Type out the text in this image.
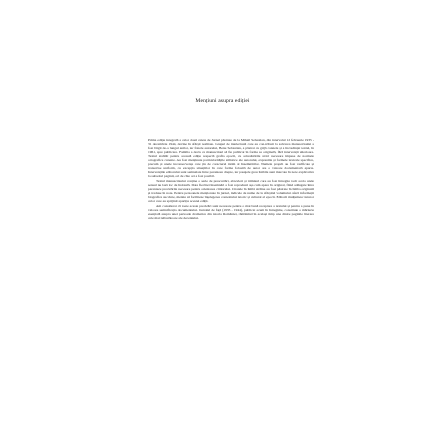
Mențiuni asupra ediției

Prima ediție integrală a celor două caiete de Jurnal păstrate de la Mihail Sebastian, din intervalul 12 februarie 1935 - 31 decembrie 1944, devine în sfârșit realitate. Grupul de intelectuali care au con-tribuit la salvarea manuscrisului a fost lărgit de-a lungul anilor, iar fratele autorului, Benu Sebastian, a păstrat cu grijă caietele și a încredințat textul, în 1961, spre publicare. Familia a decis ca manuscrisul să fie publicat în forma sa originală, fără intervenții ulterioare. Textul stabilit pentru această ediție respectă grafia epocii, cu actualizările strict necesare impuse de normele ortografice curente. Au fost menținute particularitățile stilistice ale autorului, expresiile și formele lexicale specifice, precum și unele inconsecvențe care țin de caracterul intim al însemnărilor. Numele proprii au fost verificate și transcrise uniform, cu excepția situațiilor în care forma folosită de autor are o valoare documentară aparte. Intervențiile editorului sunt semnalate între paranteze drepte, iar pasajele greu lizibile sunt marcate în note explicative la subsolul paginii, ori de câte ori a fost posibil.

Textul manuscrisului conține o serie de prescurtări, abrevieri și trimiteri care au fost întregite tacit acolo unde sensul nu lasă loc de îndoială. Data fiecărei însemnări a fost reprodusă așa cum apare în original, fiind adăugate între paranteze precizările necesare pentru orientarea cititorului. Citatele în limbi străine au fost păstrate în limba originală și traduse în note. Pentru persoanele menționate în jurnal, indicele de nume de la sfârșitul volumului oferă informații biografice succinte, menite să faciliteze înțelegerea contextului istoric și cultural al epocii. Editorii mulțumesc tuturor celor care au sprijinit apariția acestei ediții.

Am considerat că toate aceste precizări sunt necesare pentru o mai bună receptare a textului și pentru a pune în valoare semnificația documentului. Jurnalul de față (1935 - 1944), publicat acum în întregime, constituie o mărturie esențială asupra unei perioade dramatice din istoria României, rămânând în același timp una dintre paginile literare cele mai tulburătoare ale deceniului.
